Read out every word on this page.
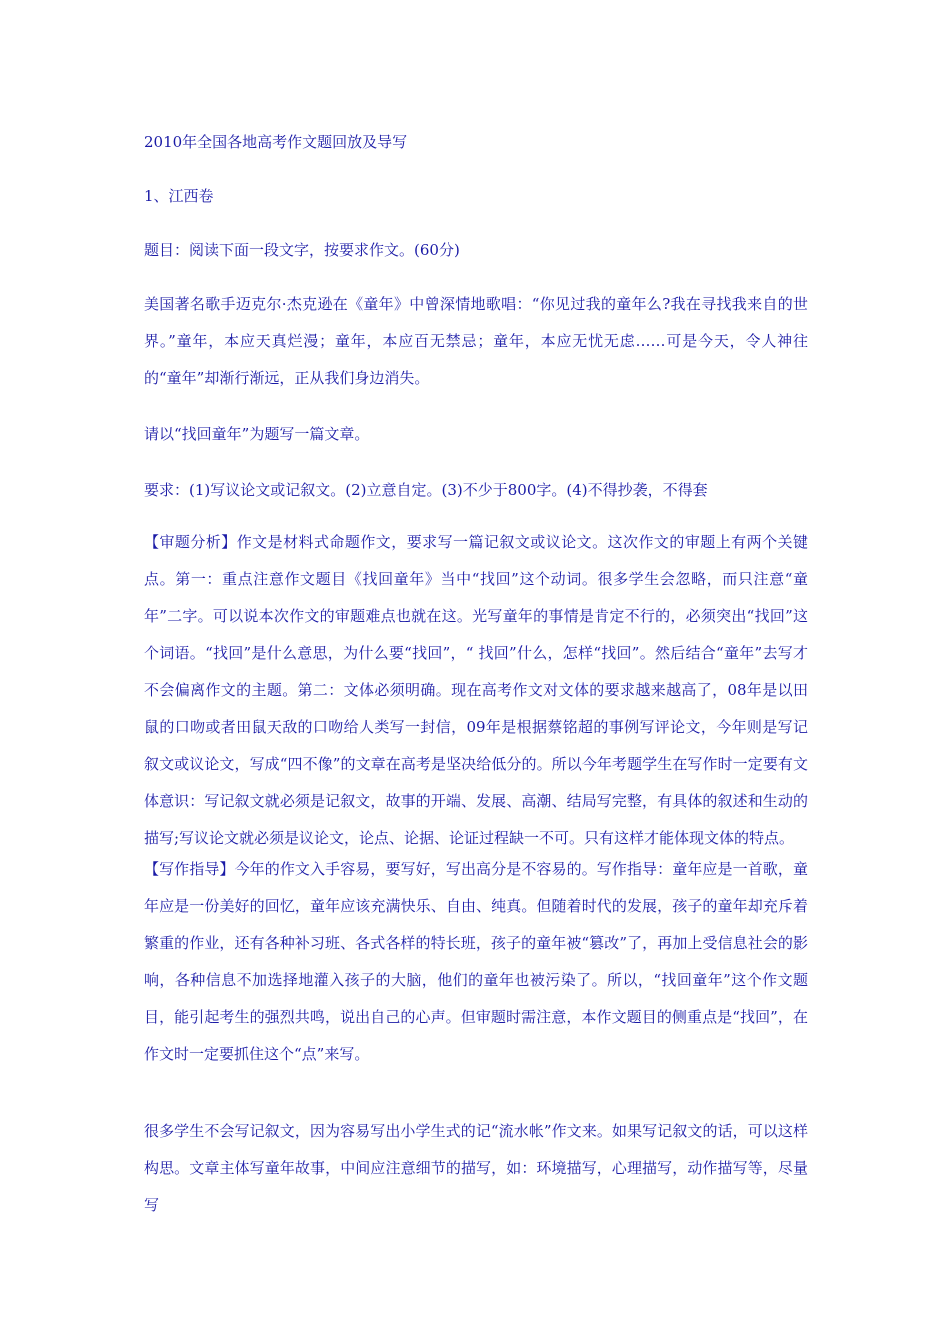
2010年全国各地高考作文题回放及导写
1、江西卷
题目：阅读下面一段文字，按要求作文。(60分)
美国著名歌手迈克尔·杰克逊在《童年》中曾深情地歌唱：“你见过我的童年么?我在寻找我来自的世界。”童年，本应天真烂漫；童年，本应百无禁忌；童年，本应无忧无虑……可是今天，令人神往的“童年”却渐行渐远，正从我们身边消失。
请以“找回童年”为题写一篇文章。
要求：(1)写议论文或记叙文。(2)立意自定。(3)不少于800字。(4)不得抄袭，不得套
【审题分析】作文是材料式命题作文，要求写一篇记叙文或议论文。这次作文的审题上有两个关键点。第一：重点注意作文题目《找回童年》当中“找回”这个动词。很多学生会忽略，而只注意“童年”二字。可以说本次作文的审题难点也就在这。光写童年的事情是肯定不行的，必须突出“找回”这个词语。“找回”是什么意思，为什么要“找回”，“ 找回”什么，怎样“找回”。然后结合“童年”去写才不会偏离作文的主题。第二：文体必须明确。现在高考作文对文体的要求越来越高了，08年是以田鼠的口吻或者田鼠天敌的口吻给人类写一封信，09年是根据蔡铭超的事例写评论文，今年则是写记叙文或议论文，写成“四不像”的文章在高考是坚决给低分的。所以今年考题学生在写作时一定要有文体意识：写记叙文就必须是记叙文，故事的开端、发展、高潮、结局写完整，有具体的叙述和生动的描写;写议论文就必须是议论文，论点、论据、论证过程缺一不可。只有这样才能体现文体的特点。
【写作指导】今年的作文入手容易，要写好，写出高分是不容易的。写作指导：童年应是一首歌，童年应是一份美好的回忆，童年应该充满快乐、自由、纯真。但随着时代的发展，孩子的童年却充斥着繁重的作业，还有各种补习班、各式各样的特长班，孩子的童年被“篡改”了，再加上受信息社会的影响，各种信息不加选择地灌入孩子的大脑，他们的童年也被污染了。所以，“找回童年”这个作文题目，能引起考生的强烈共鸣，说出自己的心声。但审题时需注意，本作文题目的侧重点是“找回”，在作文时一定要抓住这个“点”来写。
很多学生不会写记叙文，因为容易写出小学生式的记“流水帐”作文来。如果写记叙文的话，可以这样构思。文章主体写童年故事，中间应注意细节的描写，如：环境描写，心理描写，动作描写等，尽量写
